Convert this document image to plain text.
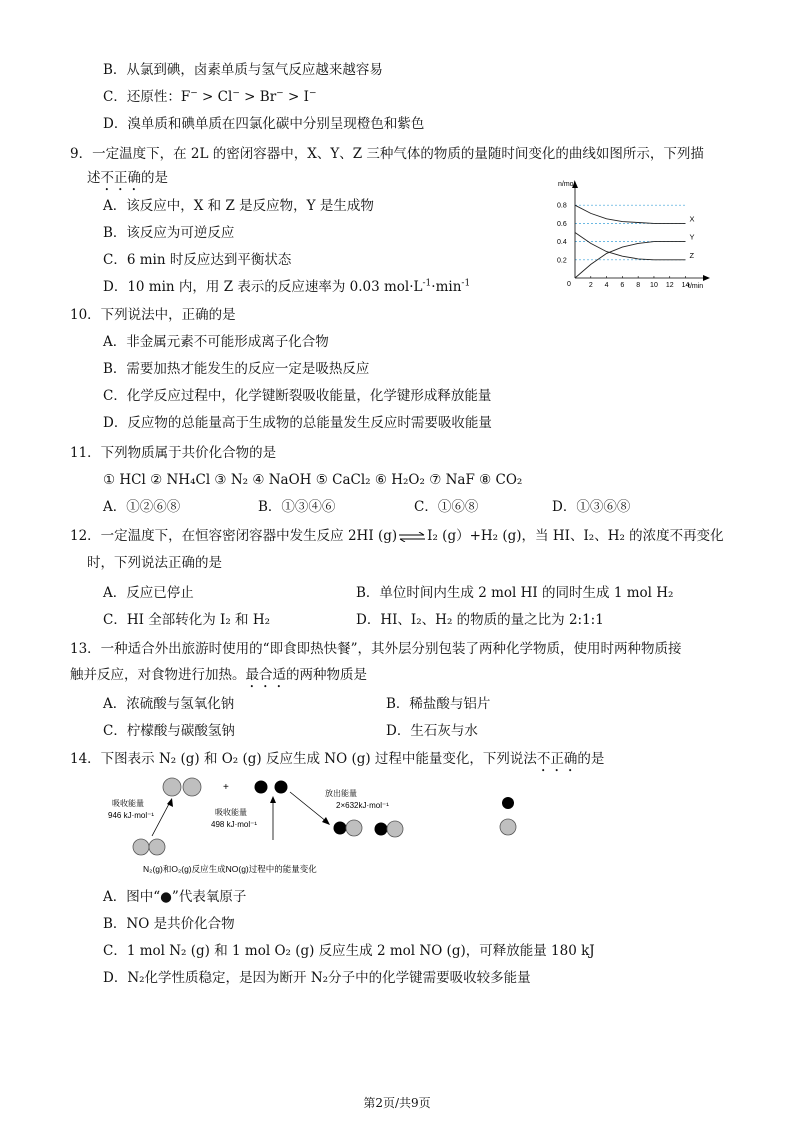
B．从氯到碘，卤素单质与氢气反应越来越容易
C．还原性：F− > Cl− > Br− > I−
D．溴单质和碘单质在四氯化碳中分别呈现橙色和紫色
9．一定温度下，在 2L 的密闭容器中，X、Y、Z 三种气体的物质的量随时间变化的曲线如图所示，下列描
述不正确的是
A．该反应中，X 和 Z 是反应物，Y 是生成物
B．该反应为可逆反应
C．6 min 时反应达到平衡状态
D．10 min 内，用 Z 表示的反应速率为 0.03 $mol\cdot L^{-1}\cdot\min^{-1}$
n/mol
t/min
0
0.2
0.4
0.6
0.8
2 4 6 8 10 12 14
X
Y
Z
10．下列说法中，正确的是
A．非金属元素不可能形成离子化合物
B．需要加热才能发生的反应一定是吸热反应
C．化学反应过程中，化学键断裂吸收能量，化学键形成释放能量
D．反应物的总能量高于生成物的总能量发生反应时需要吸收能量
11．下列物质属于共价化合物的是
① HCl ② NH₄Cl ③ N₂ ④ NaOH ⑤ CaCl₂ ⑥ H₂O₂ ⑦ NaF ⑧ CO₂
A．①②⑥⑧	B．①③④⑥	C．①⑥⑧	D．①③⑥⑧
12．一定温度下，在恒容密闭容器中发生反应 2HI (g)⇌I₂ (g）+H₂ (g)，当 HI、I₂、H₂ 的浓度不再变化
时，下列说法正确的是
A．反应已停止	B．单位时间内生成 2 mol HI 的同时生成 1 mol H₂
C．HI 全部转化为 I₂ 和 H₂	D．HI、I₂、H₂ 的物质的量之比为 2:1:1
13．一种适合外出旅游时使用的“即食即热快餐”，其外层分别包装了两种化学物质，使用时两种物质接
触并反应，对食物进行加热。最合适的两种物质是
A．浓硫酸与氢氧化钠	B．稀盐酸与铝片
C．柠檬酸与碳酸氢钠	D．生石灰与水
14．下图表示 N₂ (g) 和 O₂ (g) 反应生成 NO (g) 过程中能量变化，下列说法不正确的是
+
吸收能量
946 kJ·mol⁻¹	吸收能量
498 kJ·mol⁻¹
放出能量
2×632kJ·mol⁻¹
N₂(g)和O₂(g)反应生成NO(g)过程中的能量变化
A．图中“●”代表氧原子
B．NO 是共价化合物
C．1 mol N₂ (g) 和 1 mol O₂ (g) 反应生成 2 mol NO (g)，可释放能量 180 kJ
D．N₂化学性质稳定，是因为断开 N₂分子中的化学键需要吸收较多能量
第2页/共9页
